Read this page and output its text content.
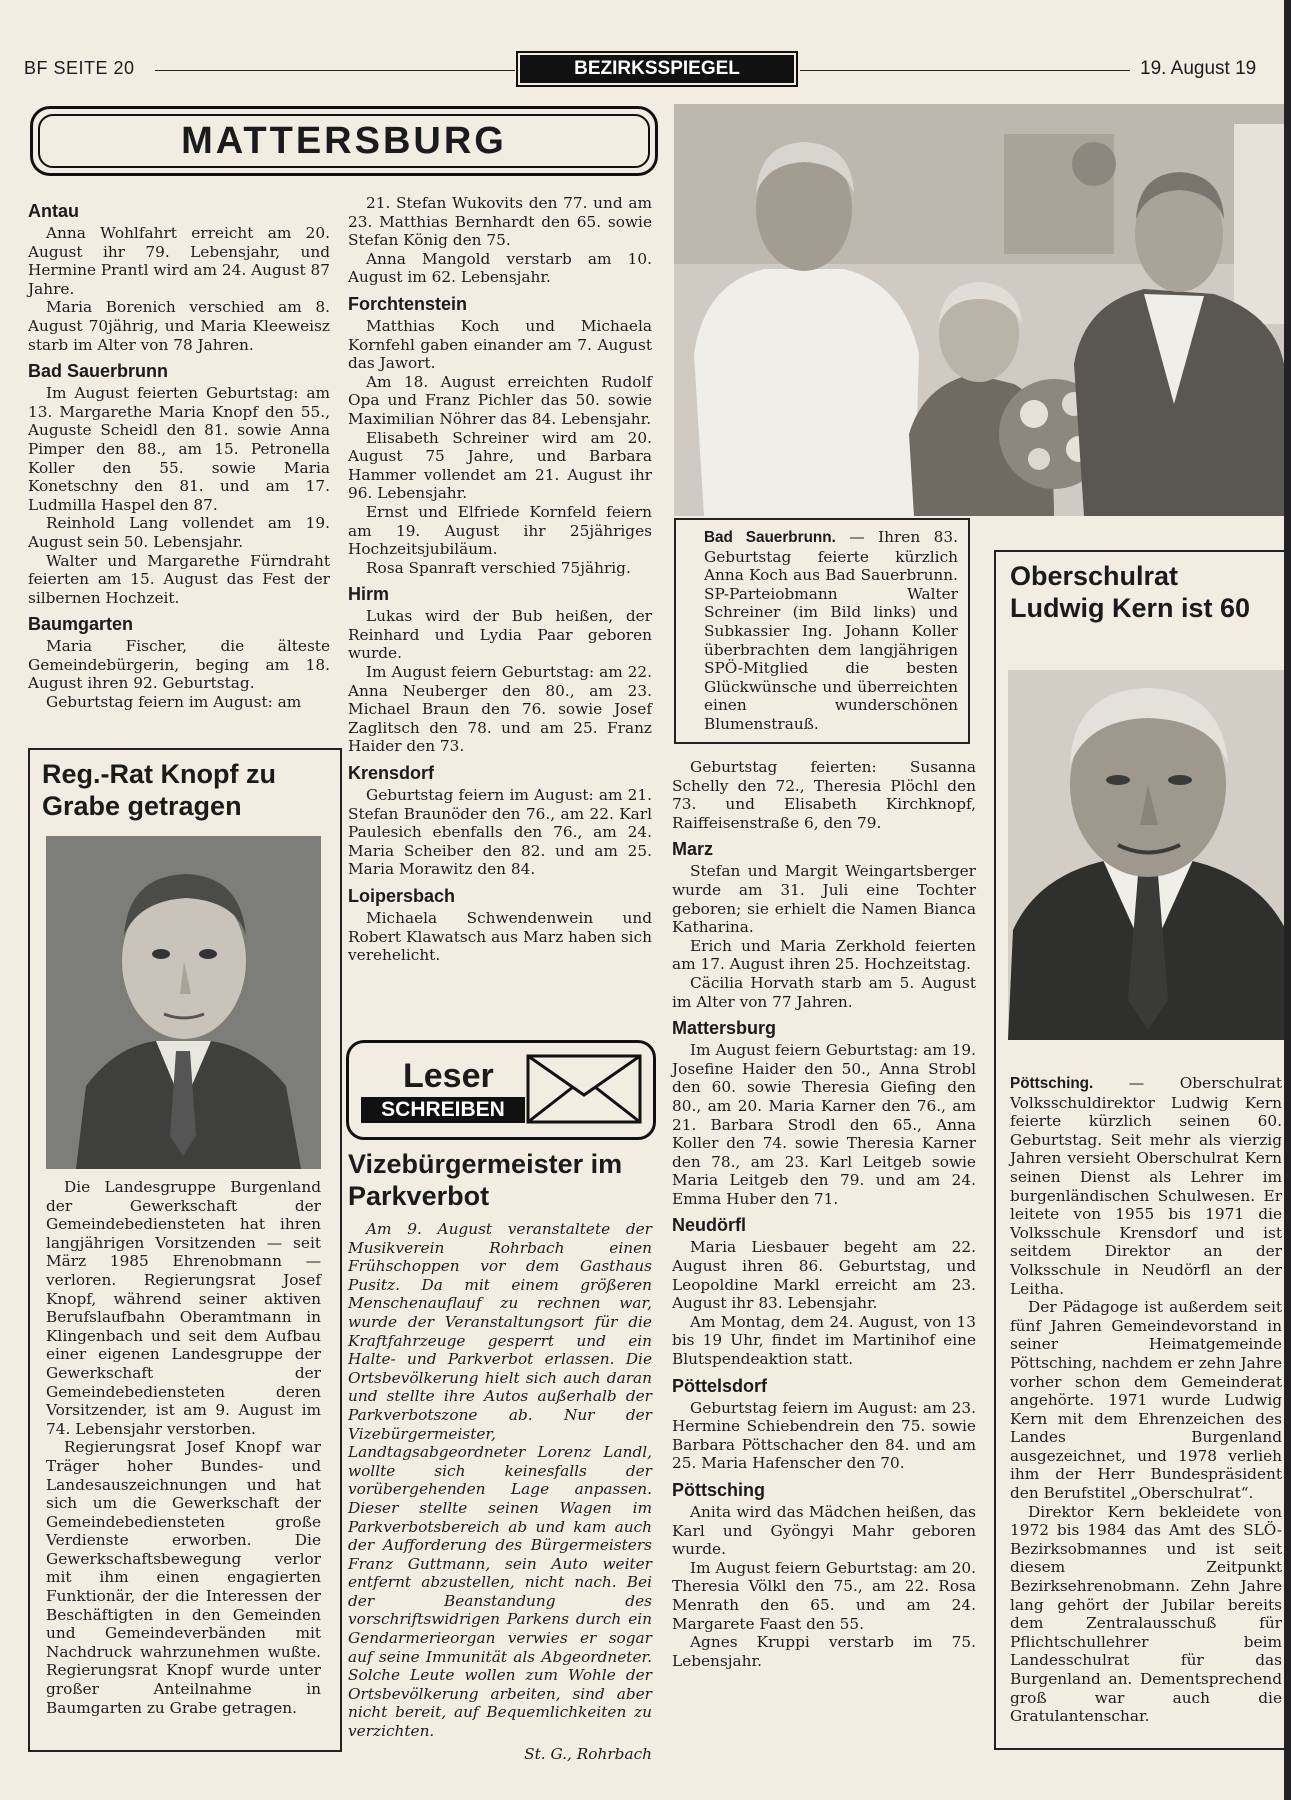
BF SEITE 20	BEZIRKSSPIEGEL	19. August 19
MATTERSBURG
Antau

Anna Wohlfahrt erreicht am 20. August ihr 79. Lebensjahr, und Hermine Prantl wird am 24. August 87 Jahre.

Maria Borenich verschied am 8. August 70jährig, und Maria Kleeweisz starb im Alter von 78 Jahren.

Bad Sauerbrunn

Im August feierten Geburtstag: am 13. Margarethe Maria Knopf den 55., Auguste Scheidl den 81. sowie Anna Pimper den 88., am 15. Petronella Koller den 55. sowie Maria Konetschny den 81. und am 17. Ludmilla Haspel den 87.

Reinhold Lang vollendet am 19. August sein 50. Lebensjahr.

Walter und Margarethe Fürndraht feierten am 15. August das Fest der silbernen Hochzeit.

Baumgarten

Maria Fischer, die älteste Gemeindebürgerin, beging am 18. August ihren 92. Geburtstag.

Geburtstag feiern im August: am

Reg.-Rat Knopf zu Grabe getragen

Die Landesgruppe Burgenland der Gewerkschaft der Gemeindebediensteten hat ihren langjährigen Vorsitzenden — seit März 1985 Ehrenobmann — verloren. Regierungsrat Josef Knopf, während seiner aktiven Berufslaufbahn Oberamtmann in Klingenbach und seit dem Aufbau einer eigenen Landesgruppe der Gewerkschaft der Gemeindebediensteten deren Vorsitzender, ist am 9. August im 74. Lebensjahr verstorben.

Regierungsrat Josef Knopf war Träger hoher Bundes- und Landesauszeichnungen und hat sich um die Gewerkschaft der Gemeindebediensteten große Verdienste erworben. Die Gewerkschaftsbewegung verlor mit ihm einen engagierten Funktionär, der die Interessen der Beschäftigten in den Gemeinden und Gemeindeverbänden mit Nachdruck wahrzunehmen wußte. Regierungsrat Knopf wurde unter großer Anteilnahme in Baumgarten zu Grabe getragen.

21. Stefan Wukovits den 77. und am 23. Matthias Bernhardt den 65. sowie Stefan König den 75.

Anna Mangold verstarb am 10. August im 62. Lebensjahr.

Forchtenstein

Matthias Koch und Michaela Kornfehl gaben einander am 7. August das Jawort.

Am 18. August erreichten Rudolf Opa und Franz Pichler das 50. sowie Maximilian Nöhrer das 84. Lebensjahr.

Elisabeth Schreiner wird am 20. August 75 Jahre, und Barbara Hammer vollendet am 21. August ihr 96. Lebensjahr.

Ernst und Elfriede Kornfeld feiern am 19. August ihr 25jähriges Hochzeitsjubiläum.

Rosa Spanraft verschied 75jährig.

Hirm

Lukas wird der Bub heißen, der Reinhard und Lydia Paar geboren wurde.

Im August feiern Geburtstag: am 22. Anna Neuberger den 80., am 23. Michael Braun den 76. sowie Josef Zaglitsch den 78. und am 25. Franz Haider den 73.

Krensdorf

Geburtstag feiern im August: am 21. Stefan Braunöder den 76., am 22. Karl Paulesich ebenfalls den 76., am 24. Maria Scheiber den 82. und am 25. Maria Morawitz den 84.

Loipersbach

Michaela Schwendenwein und Robert Klawatsch aus Marz haben sich verehelicht.

Leser
SCHREIBEN
Vizebürgermeister im Parkverbot

Am 9. August veranstaltete der Musikverein Rohrbach einen Frühschoppen vor dem Gasthaus Pusitz. Da mit einem größeren Menschenauflauf zu rechnen war, wurde der Veranstaltungsort für die Kraftfahrzeuge gesperrt und ein Halte- und Parkverbot erlassen. Die Ortsbevölkerung hielt sich auch daran und stellte ihre Autos außerhalb der Parkverbotszone ab. Nur der Vizebürgermeister, Landtagsabgeordneter Lorenz Landl, wollte sich keinesfalls der vorübergehenden Lage anpassen. Dieser stellte seinen Wagen im Parkverbotsbereich ab und kam auch der Aufforderung des Bürgermeisters Franz Guttmann, sein Auto weiter entfernt abzustellen, nicht nach. Bei der Beanstandung des vorschriftswidrigen Parkens durch ein Gendarmerieorgan verwies er sogar auf seine Immunität als Abgeordneter. Solche Leute wollen zum Wohle der Ortsbevölkerung arbeiten, sind aber nicht bereit, auf Bequemlichkeiten zu verzichten.

St. G., Rohrbach
Bad Sauerbrunn. — Ihren 83. Geburtstag feierte kürzlich Anna Koch aus Bad Sauerbrunn. SP-Parteiobmann Walter Schreiner (im Bild links) und Subkassier Ing. Johann Koller überbrachten dem langjährigen SPÖ-Mitglied die besten Glückwünsche und überreichten einen wunderschönen Blumenstrauß.

Geburtstag feierten: Susanna Schelly den 72., Theresia Plöchl den 73. und Elisabeth Kirchknopf, Raiffeisenstraße 6, den 79.

Marz

Stefan und Margit Weingartsberger wurde am 31. Juli eine Tochter geboren; sie erhielt die Namen Bianca Katharina.

Erich und Maria Zerkhold feierten am 17. August ihren 25. Hochzeitstag.

Cäcilia Horvath starb am 5. August im Alter von 77 Jahren.

Mattersburg

Im August feiern Geburtstag: am 19. Josefine Haider den 50., Anna Strobl den 60. sowie Theresia Giefing den 80., am 20. Maria Karner den 76., am 21. Barbara Strodl den 65., Anna Koller den 74. sowie Theresia Karner den 78., am 23. Karl Leitgeb sowie Maria Leitgeb den 79. und am 24. Emma Huber den 71.

Neudörfl

Maria Liesbauer begeht am 22. August ihren 86. Geburtstag, und Leopoldine Markl erreicht am 23. August ihr 83. Lebensjahr.

Am Montag, dem 24. August, von 13 bis 19 Uhr, findet im Martinihof eine Blutspendeaktion statt.

Pöttelsdorf

Geburtstag feiern im August: am 23. Hermine Schiebendrein den 75. sowie Barbara Pöttschacher den 84. und am 25. Maria Hafenscher den 70.

Pöttsching

Anita wird das Mädchen heißen, das Karl und Gyöngyi Mahr geboren wurde.

Im August feiern Geburtstag: am 20. Theresia Völkl den 75., am 22. Rosa Menrath den 65. und am 24. Margarete Faast den 55.

Agnes Kruppi verstarb im 75. Lebensjahr.

Oberschulrat Ludwig Kern ist 60

Pöttsching. — Oberschulrat Volksschuldirektor Ludwig Kern feierte kürzlich seinen 60. Geburtstag. Seit mehr als vierzig Jahren versieht Oberschulrat Kern seinen Dienst als Lehrer im burgenländischen Schulwesen. Er leitete von 1955 bis 1971 die Volksschule Krensdorf und ist seitdem Direktor an der Volksschule in Neudörfl an der Leitha.

Der Pädagoge ist außerdem seit fünf Jahren Gemeindevorstand in seiner Heimatgemeinde Pöttsching, nachdem er zehn Jahre vorher schon dem Gemeinderat angehörte. 1971 wurde Ludwig Kern mit dem Ehrenzeichen des Landes Burgenland ausgezeichnet, und 1978 verlieh ihm der Herr Bundespräsident den Berufstitel „Oberschulrat“.

Direktor Kern bekleidete von 1972 bis 1984 das Amt des SLÖ-Bezirksobmannes und ist seit diesem Zeitpunkt Bezirksehrenobmann. Zehn Jahre lang gehört der Jubilar bereits dem Zentralausschuß für Pflichtschullehrer beim Landesschulrat für das Burgenland an. Dementsprechend groß war auch die Gratulantenschar.
